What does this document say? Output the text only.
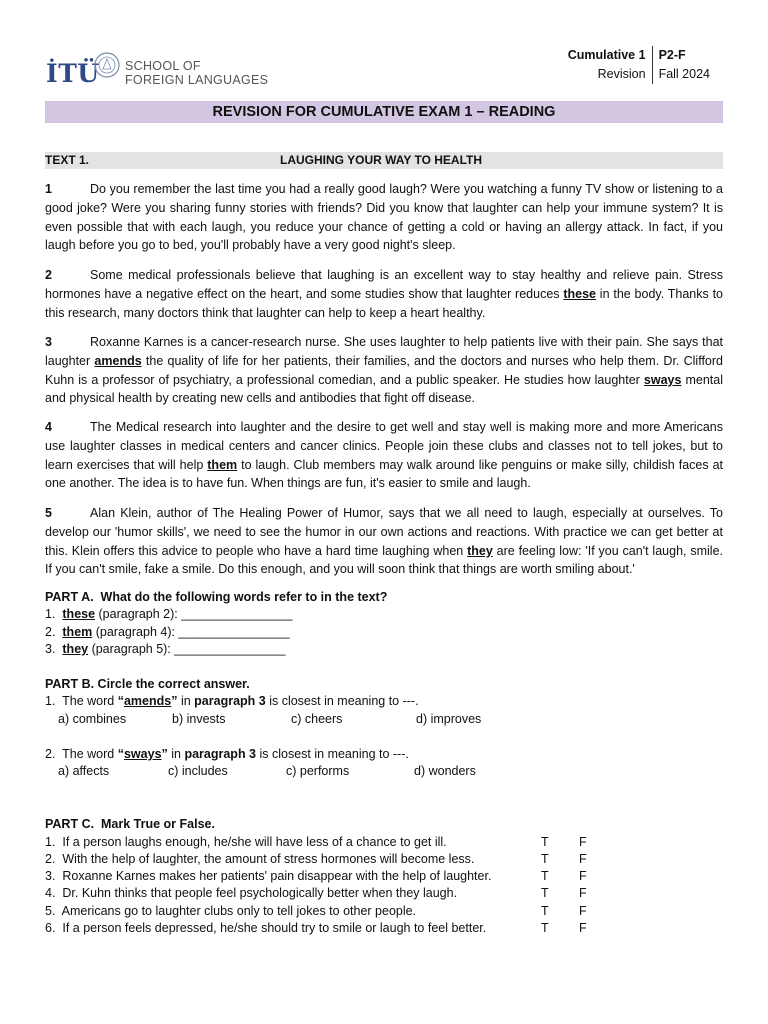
İTÜ SCHOOL OF
FOREIGN LANGUAGES
Cumulative 1
Revision
P2-F
Fall 2024
REVISION FOR CUMULATIVE EXAM 1 – READING
TEXT 1.	LAUGHING YOUR WAY TO HEALTH
1	Do you remember the last time you had a really good laugh? Were you watching a funny TV show or listening to a good joke? Were you sharing funny stories with friends? Did you know that laughter can help your immune system? It is even possible that with each laugh, you reduce your chance of getting a cold or having an allergy attack. In fact, if you laugh before you go to bed, you'll probably have a very good night's sleep.
2	Some medical professionals believe that laughing is an excellent way to stay healthy and relieve pain. Stress hormones have a negative effect on the heart, and some studies show that laughter reduces these in the body. Thanks to this research, many doctors think that laughter can help to keep a heart healthy.
3	Roxanne Karnes is a cancer-research nurse. She uses laughter to help patients live with their pain. She says that laughter amends the quality of life for her patients, their families, and the doctors and nurses who help them. Dr. Clifford Kuhn is a professor of psychiatry, a professional comedian, and a public speaker. He studies how laughter sways mental and physical health by creating new cells and antibodies that fight off disease.
4	The Medical research into laughter and the desire to get well and stay well is making more and more Americans use laughter classes in medical centers and cancer clinics. People join these clubs and classes not to tell jokes, but to learn exercises that will help them to laugh. Club members may walk around like penguins or make silly, childish faces at one another. The idea is to have fun. When things are fun, it's easier to smile and laugh.
5	Alan Klein, author of The Healing Power of Humor, says that we all need to laugh, especially at ourselves. To develop our 'humor skills', we need to see the humor in our own actions and reactions. With practice we can get better at this. Klein offers this advice to people who have a hard time laughing when they are feeling low: 'If you can't laugh, smile. If you can't smile, fake a smile. Do this enough, and you will soon think that things are worth smiling about.'
PART A.  What do the following words refer to in the text?
1. these (paragraph 2): ________________
2. them (paragraph 4): ________________
3. they (paragraph 5): ________________
PART B. Circle the correct answer.
1.  The word “amends” in paragraph 3 is closest in meaning to ---.
a) combines	b) invests	c) cheers	d) improves
2.  The word “sways” in paragraph 3 is closest in meaning to ---.
a) affects	c) includes	c) performs	d) wonders
PART C.  Mark True or False.
1.  If a person laughs enough, he/she will have less of a chance to get ill.	T F
2.  With the help of laughter, the amount of stress hormones will become less.	T F
3.  Roxanne Karnes makes her patients' pain disappear with the help of laughter.	T F
4.  Dr. Kuhn thinks that people feel psychologically better when they laugh.	T F
5.  Americans go to laughter clubs only to tell jokes to other people.	T F
6.  If a person feels depressed, he/she should try to smile or laugh to feel better.	T F
